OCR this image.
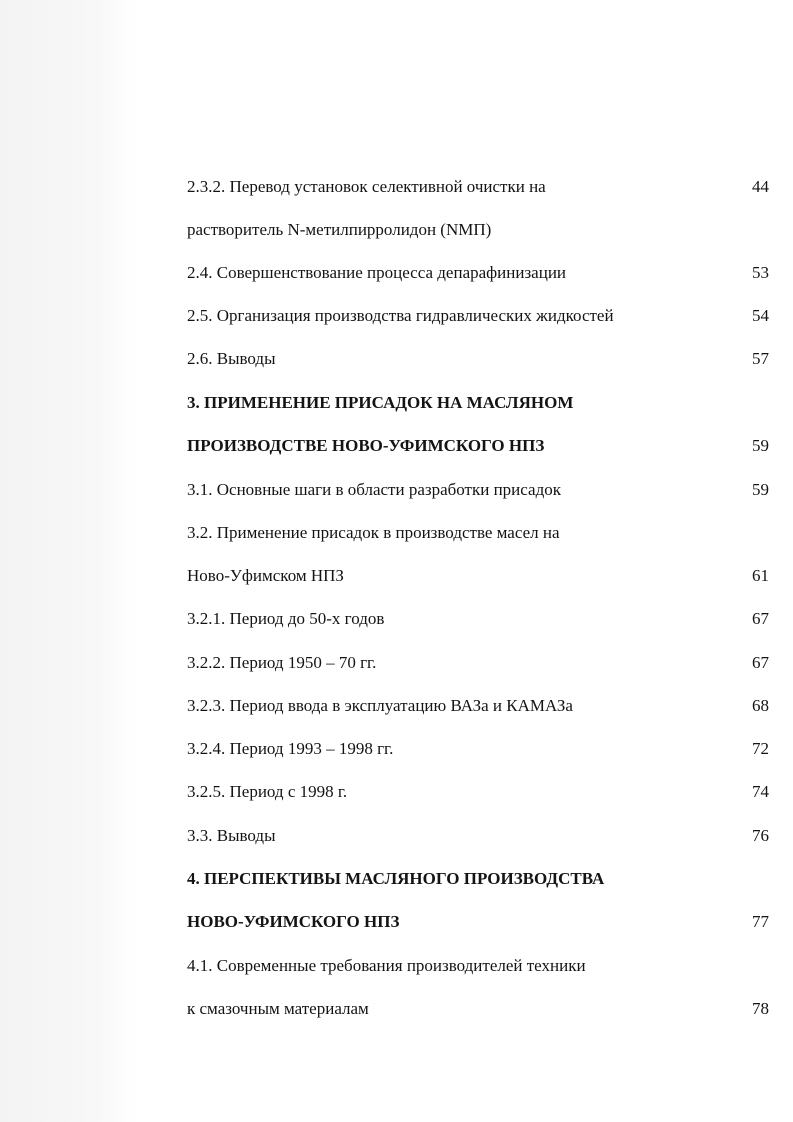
2.3.2. Перевод установок селективной очистки на	44
растворитель N-метилпирролидон (NМП)
2.4. Совершенствование процесса депарафинизации	53
2.5. Организация производства гидравлических жидкостей	54
2.6. Выводы	57
3. ПРИМЕНЕНИЕ ПРИСАДОК НА МАСЛЯНОМ
ПРОИЗВОДСТВЕ НОВО-УФИМСКОГО НПЗ	59
3.1. Основные шаги в области разработки присадок	59
3.2. Применение присадок в производстве масел на
Ново-Уфимском НПЗ	61
3.2.1. Период до 50-х годов	67
3.2.2. Период 1950 – 70 гг.	67
3.2.3. Период ввода в эксплуатацию ВАЗа и КАМАЗа	68
3.2.4. Период 1993 – 1998 гг.	72
3.2.5. Период с 1998 г.	74
3.3. Выводы	76
4. ПЕРСПЕКТИВЫ МАСЛЯНОГО ПРОИЗВОДСТВА
НОВО-УФИМСКОГО НПЗ	77
4.1. Современные требования производителей техники
к смазочным материалам	78
